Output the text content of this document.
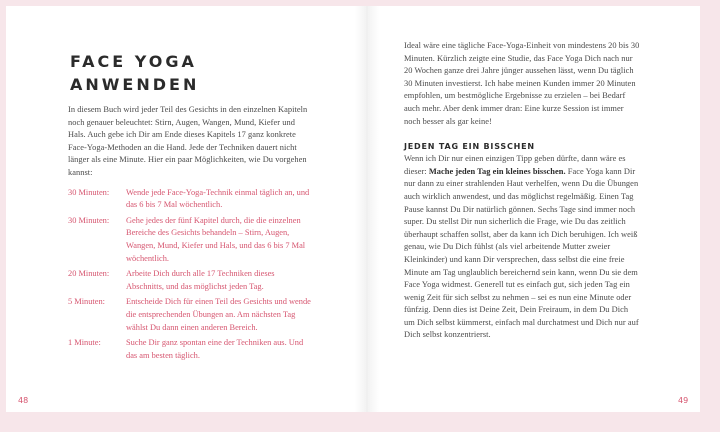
FACE YOGA
ANWENDEN

In diesem Buch wird jeder Teil des Gesichts in den einzelnen Kapiteln noch genauer beleuchtet: Stirn, Augen, Wangen, Mund, Kiefer und Hals. Auch gebe ich Dir am Ende dieses Kapitels 17 ganz konkrete Face-Yoga-Methoden an die Hand. Jede der Techniken dauert nicht länger als eine Minute. Hier ein paar Möglichkeiten, wie Du vorgehen kannst:

30 Minuten:	Wende jede Face-Yoga-Technik einmal täglich an, und das 6 bis 7 Mal wöchentlich.
30 Minuten:	Gehe jedes der fünf Kapitel durch, die die einzelnen Bereiche des Gesichts behandeln – Stirn, Augen, Wangen, Mund, Kiefer und Hals, und das 6 bis 7 Mal wöchentlich.
20 Minuten:	Arbeite Dich durch alle 17 Techniken dieses Abschnitts, und das möglichst jeden Tag.
5 Minuten:	Entscheide Dich für einen Teil des Gesichts und wende die entsprechenden Übungen an. Am nächsten Tag wählst Du dann einen anderen Bereich.
1 Minute:	Suche Dir ganz spontan eine der Techniken aus. Und das am besten täglich.

Ideal wäre eine tägliche Face-Yoga-Einheit von mindestens 20 bis 30 Minuten. Kürzlich zeigte eine Studie, das Face Yoga Dich nach nur 20 Wochen ganze drei Jahre jünger aussehen lässt, wenn Du täglich 30 Minuten investierst. Ich habe meinen Kunden immer 20 Minuten empfohlen, um bestmögliche Ergebnisse zu erzielen – bei Bedarf auch mehr. Aber denk immer dran: Eine kurze Session ist immer noch besser als gar keine!

JEDEN TAG EIN BISSCHEN

Wenn ich Dir nur einen einzigen Tipp geben dürfte, dann wäre es dieser: Mache jeden Tag ein kleines bisschen. Face Yoga kann Dir nur dann zu einer strahlenden Haut verhelfen, wenn Du die Übungen auch wirklich anwendest, und das möglichst regelmäßig. Einen Tag Pause kannst Du Dir natürlich gönnen. Sechs Tage sind immer noch super. Du stellst Dir nun sicherlich die Frage, wie Du das zeitlich überhaupt schaffen sollst, aber da kann ich Dich beruhigen. Ich weiß genau, wie Du Dich fühlst (als viel arbeitende Mutter zweier Kleinkinder) und kann Dir versprechen, dass selbst die eine freie Minute am Tag unglaublich bereichernd sein kann, wenn Du sie dem Face Yoga widmest. Generell tut es einfach gut, sich jeden Tag ein wenig Zeit für sich selbst zu nehmen – sei es nun eine Minute oder fünfzig. Denn dies ist Deine Zeit, Dein Freiraum, in dem Du Dich um Dich selbst kümmerst, einfach mal durchatmest und Dich nur auf Dich selbst konzentrierst.

48	49
